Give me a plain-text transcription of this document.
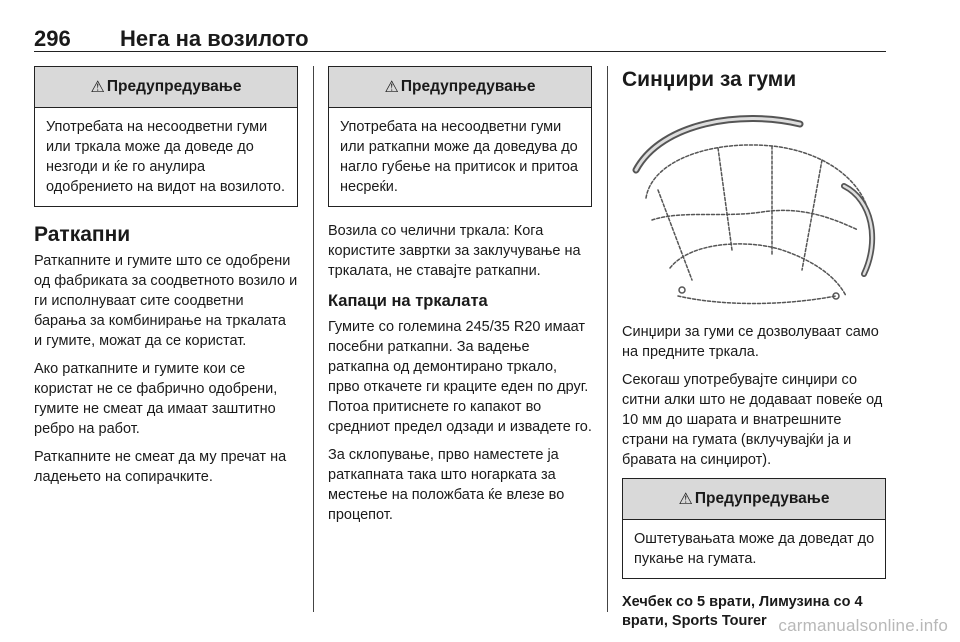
296 Нега на возилото
⚠ Предупредување
Употребата на несоодветни гуми или тркала може да доведе до незгоди и ќе го анулира одобрението на видот на возилото.
Раткапни

Раткапните и гумите што се одобрени од фабриката за соодветното возило и ги исполнуваат сите соодветни барања за комбинирање на тркалата и гумите, можат да се користат.

Ако раткапните и гумите кои се користат не се фабрично одобрени, гумите не смеат да имаат заштитно ребро на работ.

Раткапните не смеат да му пречат на ладењето на сопирачките.

⚠ Предупредување
Употребата на несоодветни гуми или раткапни може да доведува до нагло губење на притисок и притоа несреќи.

Возила со челични тркала: Кога користите завртки за заклучување на тркалата, не ставајте раткапни.

Капаци на тркалата

Гумите со големина 245/35 R20 имаат посебни раткапни. За вадење раткапна од демонтирано тркало, прво откачете ги краците еден по друг. Потоа притиснете го капакот во средниот предел одзади и извадете го.

За склопување, прво наместете ја раткапната така што ногарката за местење на положбата ќе влезе во процепот.

Синџири за гуми

Синџири за гуми се дозволуваат само на предните тркала.

Секогаш употребувајте синџири со ситни алки што не додаваат повеќе од 10 мм до шарата и внатрешните страни на гумата (вклучувајќи ја и бравата на синџирот).

⚠ Предупредување
Оштетувањата може да доведат до пукање на гумата.
Хечбек со 5 врати, Лимузина со 4 врати, Sports Tourer carmanualsonline.info
